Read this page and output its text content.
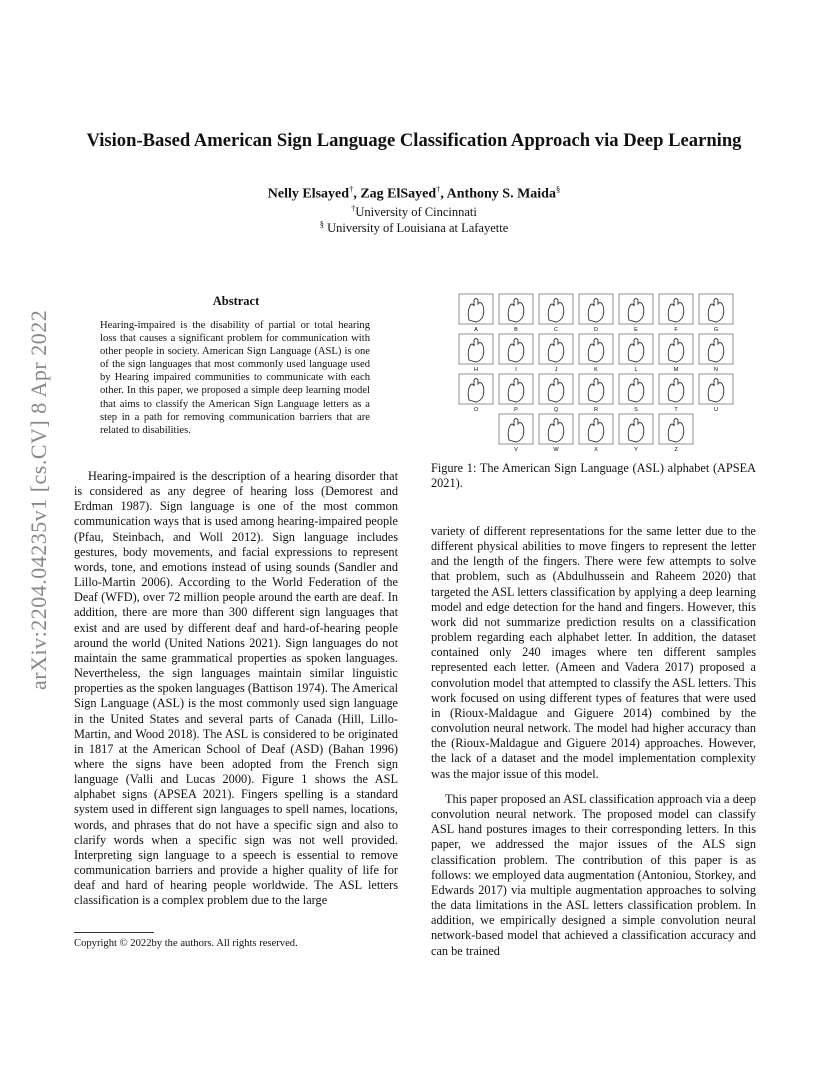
arXiv:2204.04235v1 [cs.CV] 8 Apr 2022
Vision-Based American Sign Language Classification Approach via Deep Learning
Nelly Elsayed†, Zag ElSayed†, Anthony S. Maida§
†University of Cincinnati
§ University of Louisiana at Lafayette
Abstract

Hearing-impaired is the disability of partial or total hearing loss that causes a significant problem for communication with other people in society. American Sign Language (ASL) is one of the sign languages that most commonly used language used by Hearing impaired communities to communicate with each other. In this paper, we proposed a simple deep learning model that aims to classify the American Sign Language letters as a step in a path for removing communication barriers that are related to disabilities.

Hearing-impaired is the description of a hearing disorder that is considered as any degree of hearing loss (Demorest and Erdman 1987). Sign language is one of the most common communication ways that is used among hearing-impaired people (Pfau, Steinbach, and Woll 2012). Sign language includes gestures, body movements, and facial expressions to represent words, tone, and emotions instead of using sounds (Sandler and Lillo-Martin 2006). According to the World Federation of the Deaf (WFD), over 72 million people around the earth are deaf. In addition, there are more than 300 different sign languages that exist and are used by different deaf and hard-of-hearing people around the world (United Nations 2021). Sign languages do not maintain the same grammatical properties as spoken languages. Nevertheless, the sign languages maintain similar linguistic properties as the spoken languages (Battison 1974). The Americal Sign Language (ASL) is the most commonly used sign language in the United States and several parts of Canada (Hill, Lillo-Martin, and Wood 2018). The ASL is considered to be originated in 1817 at the American School of Deaf (ASD) (Bahan 1996) where the signs have been adopted from the French sign language (Valli and Lucas 2000). Figure 1 shows the ASL alphabet signs (APSEA 2021). Fingers spelling is a standard system used in different sign languages to spell names, locations, words, and phrases that do not have a specific sign and also to clarify words when a specific sign was not well provided. Interpreting sign language to a speech is essential to remove communication barriers and provide a higher quality of life for deaf and hard of hearing people worldwide. The ASL letters classification is a complex problem due to the large

Copyright © 2022by the authors. All rights reserved.
A	B	C	D	E	F	G
H	I	J	K	L	M	N
O	P	Q	R	S	T	U
V	W	X	Y	Z

Figure 1: The American Sign Language (ASL) alphabet (APSEA 2021).

variety of different representations for the same letter due to the different physical abilities to move fingers to represent the letter and the length of the fingers. There were few attempts to solve that problem, such as (Abdulhussein and Raheem 2020) that targeted the ASL letters classification by applying a deep learning model and edge detection for the hand and fingers. However, this work did not summarize prediction results on a classification problem regarding each alphabet letter. In addition, the dataset contained only 240 images where ten different samples represented each letter. (Ameen and Vadera 2017) proposed a convolution model that attempted to classify the ASL letters. This work focused on using different types of features that were used in (Rioux-Maldague and Giguere 2014) combined by the convolution neural network. The model had higher accuracy than the (Rioux-Maldague and Giguere 2014) approaches. However, the lack of a dataset and the model implementation complexity was the major issue of this model.

This paper proposed an ASL classification approach via a deep convolution neural network. The proposed model can classify ASL hand postures images to their corresponding letters. In this paper, we addressed the major issues of the ALS sign classification problem. The contribution of this paper is as follows: we employed data augmentation (Antoniou, Storkey, and Edwards 2017) via multiple augmentation approaches to solving the data limitations in the ASL letters classification problem. In addition, we empirically designed a simple convolution neural network-based model that achieved a classification accuracy and can be trained
